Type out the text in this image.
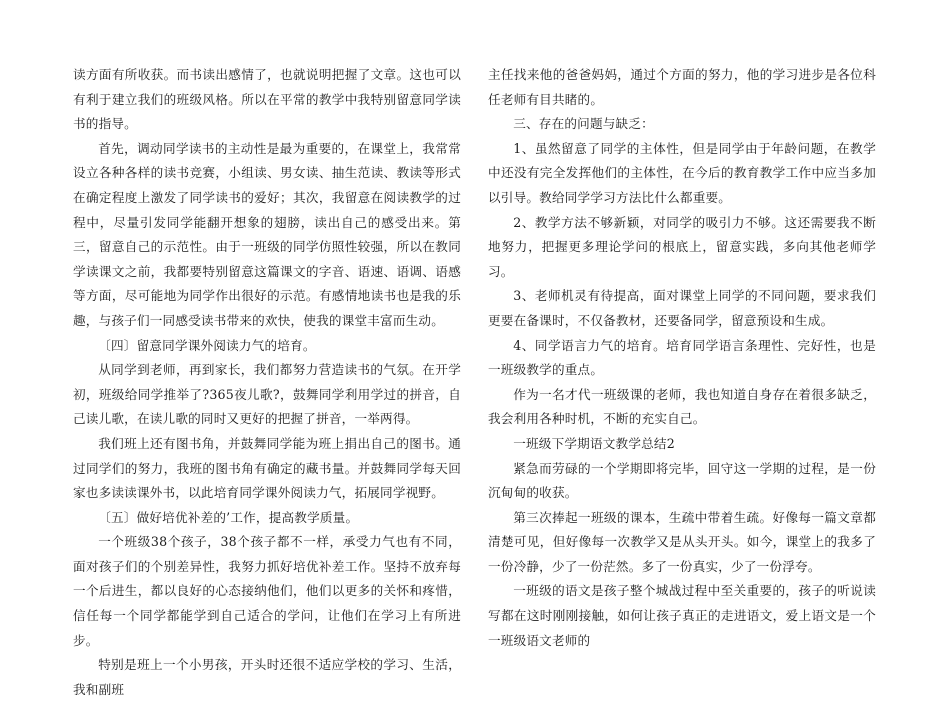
读方面有所收获。而书读出感情了，也就说明把握了文章。这也可以有利于建立我们的班级风格。所以在平常的教学中我特别留意同学读书的指导。

首先，调动同学读书的主动性是最为重要的，在课堂上，我常常设立各种各样的读书竞赛，小组读、男女读、抽生范读、教读等形式在确定程度上激发了同学读书的爱好；其次，我留意在阅读教学的过程中，尽量引发同学能翻开想象的翅膀，读出自己的感受出来。第三，留意自己的示范性。由于一班级的同学仿照性较强，所以在教同学读课文之前，我都要特别留意这篇课文的字音、语速、语调、语感等方面，尽可能地为同学作出很好的示范。有感情地读书也是我的乐趣，与孩子们一同感受读书带来的欢快，使我的课堂丰富而生动。

〔四〕留意同学课外阅读力气的培育。

从同学到老师，再到家长，我们都努力营造读书的气氛。在开学初，班级给同学推举了?365夜儿歌?，鼓舞同学利用学过的拼音，自己读儿歌，在读儿歌的同时又更好的把握了拼音，一举两得。

我们班上还有图书角，并鼓舞同学能为班上捐出自己的图书。通过同学们的努力，我班的图书角有确定的藏书量。并鼓舞同学每天回家也多读读课外书，以此培育同学课外阅读力气，拓展同学视野。

〔五〕做好培优补差的’工作，提高教学质量。

一个班级38个孩子，38个孩子都不一样，承受力气也有不同，面对孩子们的个别差异性，我努力抓好培优补差工作。坚持不放弃每一个后进生，都以良好的心态接纳他们，他们以更多的关怀和疼惜，信任每一个同学都能学到自己适合的学问，让他们在学习上有所进步。

特别是班上一个小男孩，开头时还很不适应学校的学习、生活，我和副班

主任找来他的爸爸妈妈，通过个方面的努力，他的学习进步是各位科任老师有目共睹的。

三、存在的问题与缺乏：

1、虽然留意了同学的主体性，但是同学由于年龄问题，在教学中还没有完全发挥他们的主体性，在今后的教育教学工作中应当多加以引导。教给同学学习方法比什么都重要。

2、教学方法不够新颖，对同学的吸引力不够。这还需要我不断地努力，把握更多理论学问的根底上，留意实践，多向其他老师学习。

3、老师机灵有待提高，面对课堂上同学的不同问题，要求我们更要在备课时，不仅备教材，还要备同学，留意预设和生成。

4、同学语言力气的培育。培育同学语言条理性、完好性，也是一班级教学的重点。

作为一名才代一班级课的老师，我也知道自身存在着很多缺乏，我会利用各种时机，不断的充实自己。

一班级下学期语文教学总结2

紧急而劳碌的一个学期即将完毕，回守这一学期的过程，是一份沉甸甸的收获。

第三次捧起一班级的课本，生疏中带着生疏。好像每一篇文章都清楚可见，但好像每一次教学又是从头开头。如今，课堂上的我多了一份冷静，少了一份茫然。多了一份真实，少了一份浮夸。

一班级的语文是孩子整个城战过程中至关重要的，孩子的听说读写都在这时刚刚接触，如何让孩子真正的走进语文，爱上语文是一个一班级语文老师的
